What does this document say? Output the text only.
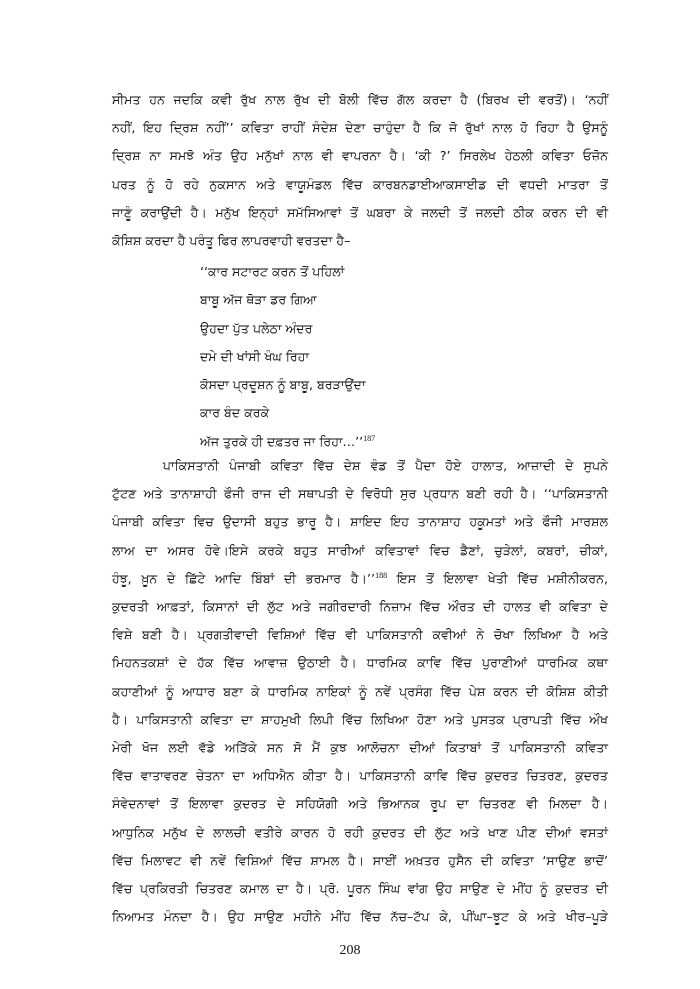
ਸੀਮਤ ਹਨ ਜਦਕਿ ਕਵੀ ਰੁੱਖ ਨਾਲ ਰੁੱਖ ਦੀ ਬੋਲੀ ਵਿੱਚ ਗੱਲ ਕਰਦਾ ਹੈ (ਬਿਰਖ ਦੀ ਵਰਤੋਂ)। ‘ਨਹੀਂ
ਨਹੀਂ, ਇਹ ਦ੍ਰਿਸ਼ ਨਹੀਂ’’ ਕਵਿਤਾ ਰਾਹੀਂ ਸੰਦੇਸ਼ ਦੇਣਾ ਚਾਹੁੰਦਾ ਹੈ ਕਿ ਜੋ ਰੁੱਖਾਂ ਨਾਲ ਹੋ ਰਿਹਾ ਹੈ ਉਸਨੂੰ
ਦ੍ਰਿਸ਼ ਨਾ ਸਮਝੋ ਅੰਤ ਉਹ ਮਨੁੱਖਾਂ ਨਾਲ ਵੀ ਵਾਪਰਨਾ ਹੈ। ‘ਕੀ ?’ ਸਿਰਲੇਖ ਹੇਠਲੀ ਕਵਿਤਾ ਓਜ਼ੋਨ
ਪਰਤ ਨੂੰ ਹੋ ਰਹੇ ਨੁਕਸਾਨ ਅਤੇ ਵਾਯੂਮੰਡਲ ਵਿੱਚ ਕਾਰਬਨਡਾਈਆਕਸਾਈਡ ਦੀ ਵਧਦੀ ਮਾਤਰਾ ਤੋਂ
ਜਾਣੂੰ ਕਰਾਉਂਦੀ ਹੈ। ਮਨੁੱਖ ਇਨ੍ਹਾਂ ਸਮੱਸਿਆਵਾਂ ਤੋਂ ਘਬਰਾ ਕੇ ਜਲਦੀ ਤੋਂ ਜਲਦੀ ਠੀਕ ਕਰਨ ਦੀ ਵੀ
ਕੋਸ਼ਿਸ਼ ਕਰਦਾ ਹੈ ਪਰੰਤੂ ਫਿਰ ਲਾਪਰਵਾਹੀ ਵਰਤਦਾ ਹੈ–
‘‘ਕਾਰ ਸਟਾਰਟ ਕਰਨ ਤੋਂ ਪਹਿਲਾਂ
ਬਾਬੂ ਅੱਜ ਥੋੜਾ ਡਰ ਗਿਆ
ਉਹਦਾ ਪੁੱਤ ਪਲੇਠਾ ਅੰਦਰ
ਦਮੇ ਦੀ ਖਾਂਸੀ ਖੰਘ ਰਿਹਾ
ਕੋਸਦਾ ਪ੍ਰਦੂਸ਼ਨ ਨੂੰ ਬਾਬੂ, ਬਰੜਾਉਂਦਾ
ਕਾਰ ਬੰਦ ਕਰਕੇ
ਅੱਜ ਤੁਰਕੇ ਹੀ ਦਫ਼ਤਰ ਜਾ ਰਿਹਾ…’’$^{187}$
ਪਾਕਿਸਤਾਨੀ ਪੰਜਾਬੀ ਕਵਿਤਾ ਵਿੱਚ ਦੇਸ਼ ਵੰਡ ਤੋਂ ਪੈਦਾ ਹੋਏ ਹਾਲਾਤ, ਆਜ਼ਾਦੀ ਦੇ ਸੁਪਨੇ
ਟੁੱਟਣ ਅਤੇ ਤਾਨਾਸ਼ਾਹੀ ਫੌਜੀ ਰਾਜ ਦੀ ਸਥਾਪਤੀ ਦੇ ਵਿਰੋਧੀ ਸੁਰ ਪ੍ਰਧਾਨ ਬਣੀ ਰਹੀ ਹੈ। ‘‘ਪਾਕਿਸਤਾਨੀ
ਪੰਜਾਬੀ ਕਵਿਤਾ ਵਿਚ ਉਦਾਸੀ ਬਹੁਤ ਭਾਰੂ ਹੈ। ਸ਼ਾਇਦ ਇਹ ਤਾਨਾਸ਼ਾਹ ਹਕੂਮਤਾਂ ਅਤੇ ਫੌਜੀ ਮਾਰਸ਼ਲ
ਲਾਅ ਦਾ ਅਸਰ ਹੋਵੇ।ਇਸੇ ਕਰਕੇ ਬਹੁਤ ਸਾਰੀਆਂ ਕਵਿਤਾਵਾਂ ਵਿਚ ਡੈਣਾਂ, ਚੁੜੇਲਾਂ, ਕਬਰਾਂ, ਚੀਕਾਂ,
ਹੰਝੂ, ਖ਼ੂਨ ਦੇ ਛਿੱਟੇ ਆਦਿ ਬਿੰਬਾਂ ਦੀ ਭਰਮਾਰ ਹੈ।’’$^{188}$ ਇਸ ਤੋਂ ਇਲਾਵਾ ਖੇਤੀ ਵਿੱਚ ਮਸ਼ੀਨੀਕਰਨ,
ਕੁਦਰਤੀ ਆਫ਼ਤਾਂ, ਕਿਸਾਨਾਂ ਦੀ ਲੁੱਟ ਅਤੇ ਜਗੀਰਦਾਰੀ ਨਿਜ਼ਾਮ ਵਿੱਚ ਔਰਤ ਦੀ ਹਾਲਤ ਵੀ ਕਵਿਤਾ ਦੇ
ਵਿਸ਼ੇ ਬਣੀ ਹੈ। ਪ੍ਰਗਤੀਵਾਦੀ ਵਿਸ਼ਿਆਂ ਵਿੱਚ ਵੀ ਪਾਕਿਸਤਾਨੀ ਕਵੀਆਂ ਨੇ ਚੋਖਾ ਲਿਖਿਆ ਹੈ ਅਤੇ
ਮਿਹਨਤਕਸ਼ਾਂ ਦੇ ਹੱਕ ਵਿੱਚ ਆਵਾਜ਼ ਉਠਾਈ ਹੈ। ਧਾਰਮਿਕ ਕਾਵਿ ਵਿੱਚ ਪੁਰਾਣੀਆਂ ਧਾਰਮਿਕ ਕਥਾ
ਕਹਾਣੀਆਂ ਨੂੰ ਆਧਾਰ ਬਣਾ ਕੇ ਧਾਰਮਿਕ ਨਾਇਕਾਂ ਨੂੰ ਨਵੇਂ ਪ੍ਰਸੰਗ ਵਿੱਚ ਪੇਸ਼ ਕਰਨ ਦੀ ਕੋਸ਼ਿਸ਼ ਕੀਤੀ
ਹੈ। ਪਾਕਿਸਤਾਨੀ ਕਵਿਤਾ ਦਾ ਸ਼ਾਹਮੁਖੀ ਲਿਪੀ ਵਿੱਚ ਲਿਖਿਆ ਹੋਣਾ ਅਤੇ ਪੁਸਤਕ ਪ੍ਰਾਪਤੀ ਵਿੱਚ ਔਖ
ਮੇਰੀ ਖੋਜ ਲਈ ਵੱਡੇ ਅੜਿੱਕੇ ਸਨ ਸੋ ਮੈਂ ਕੁਝ ਆਲੋਚਨਾ ਦੀਆਂ ਕਿਤਾਬਾਂ ਤੋਂ ਪਾਕਿਸਤਾਨੀ ਕਵਿਤਾ
ਵਿੱਚ ਵਾਤਾਵਰਣ ਚੇਤਨਾ ਦਾ ਅਧਿਐਨ ਕੀਤਾ ਹੈ। ਪਾਕਿਸਤਾਨੀ ਕਾਵਿ ਵਿੱਚ ਕੁਦਰਤ ਚਿਤਰਣ, ਕੁਦਰਤ
ਸੰਵੇਦਨਾਵਾਂ ਤੋਂ ਇਲਾਵਾ ਕੁਦਰਤ ਦੇ ਸਹਿਯੋਗੀ ਅਤੇ ਭਿਆਨਕ ਰੂਪ ਦਾ ਚਿਤਰਣ ਵੀ ਮਿਲਦਾ ਹੈ।
ਆਧੁਨਿਕ ਮਨੁੱਖ ਦੇ ਲਾਲਚੀ ਵਤੀਰੇ ਕਾਰਨ ਹੋ ਰਹੀ ਕੁਦਰਤ ਦੀ ਲੁੱਟ ਅਤੇ ਖਾਣ ਪੀਣ ਦੀਆਂ ਵਸਤਾਂ
ਵਿੱਚ ਮਿਲਾਵਟ ਵੀ ਨਵੇਂ ਵਿਸ਼ਿਆਂ ਵਿੱਚ ਸ਼ਾਮਲ ਹੈ। ਸਾਈਂ ਅਖ਼ਤਰ ਹੁਸੈਨ ਦੀ ਕਵਿਤਾ ‘ਸਾਉਣ ਭਾਦੋਂ’
ਵਿੱਚ ਪ੍ਰਕਿਰਤੀ ਚਿਤਰਣ ਕਮਾਲ ਦਾ ਹੈ। ਪ੍ਰੋ. ਪੂਰਨ ਸਿੰਘ ਵਾਂਗ ਉਹ ਸਾਉਣ ਦੇ ਮੀਂਹ ਨੂੰ ਕੁਦਰਤ ਦੀ
ਨਿਆਮਤ ਮੰਨਦਾ ਹੈ। ਉਹ ਸਾਉਣ ਮਹੀਨੇ ਮੀਂਹ ਵਿੱਚ ਨੱਚ–ਟੱਪ ਕੇ, ਪੀਂਘਾ–ਝੂਟ ਕੇ ਅਤੇ ਖੀਰ–ਪੂੜੇ
208
